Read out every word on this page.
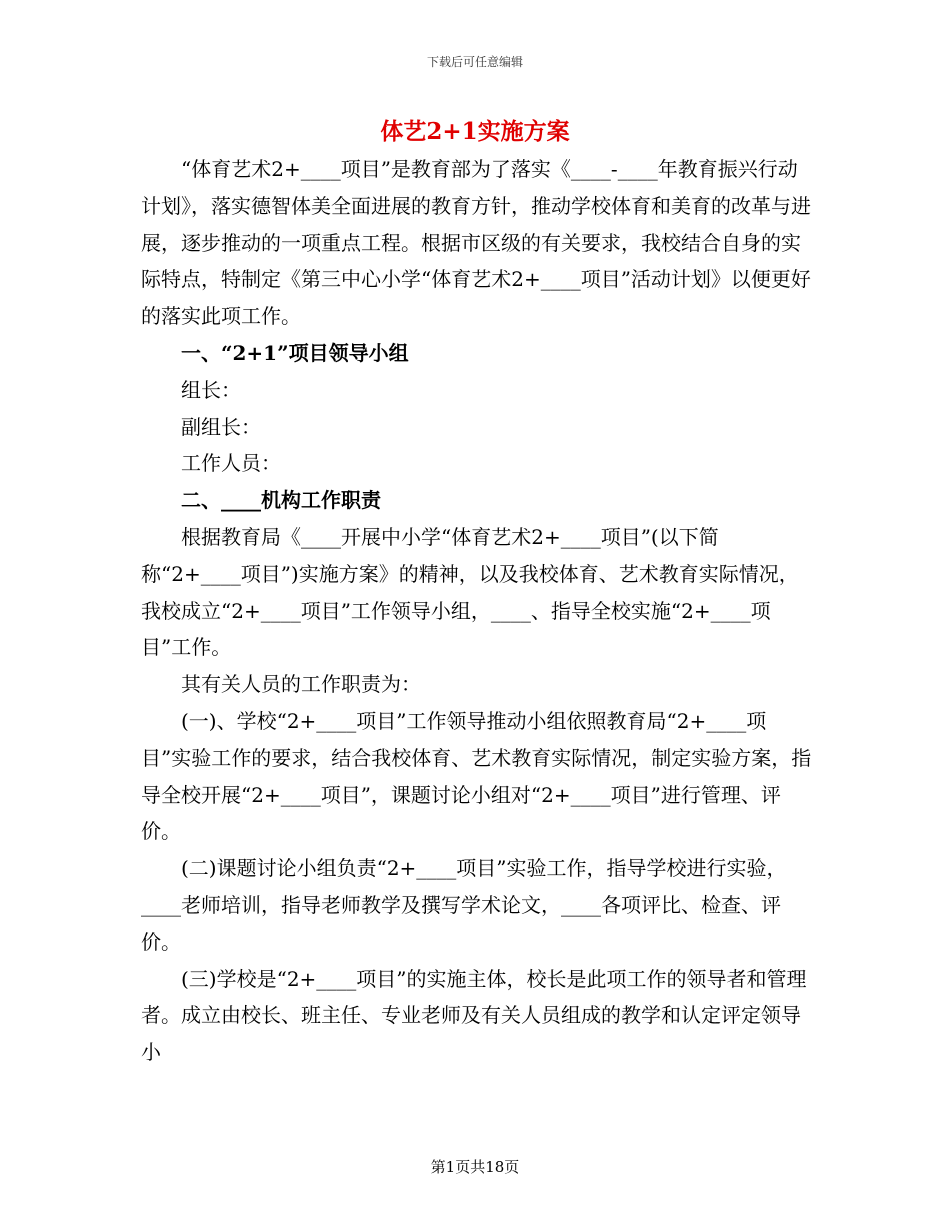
下载后可任意编辑
体艺2+1实施方案

“体育艺术2+____项目”是教育部为了落实《____-____年教育振兴行动计划》，落实德智体美全面进展的教育方针，推动学校体育和美育的改革与进展，逐步推动的一项重点工程。根据市区级的有关要求，我校结合自身的实际特点，特制定《第三中心小学“体育艺术2+____项目”活动计划》以便更好的落实此项工作。

一、“2+1”项目领导小组

组长：

副组长：

工作人员：

二、____机构工作职责

根据教育局《____开展中小学“体育艺术2+____项目”(以下简称“2+____项目”)实施方案》的精神，以及我校体育、艺术教育实际情况，我校成立“2+____项目”工作领导小组，____、指导全校实施“2+____项目”工作。

其有关人员的工作职责为：

(一)、学校“2+____项目”工作领导推动小组依照教育局“2+____项目”实验工作的要求，结合我校体育、艺术教育实际情况，制定实验方案，指导全校开展“2+____项目”，课题讨论小组对“2+____项目”进行管理、评价。

(二)课题讨论小组负责“2+____项目”实验工作，指导学校进行实验，____老师培训，指导老师教学及撰写学术论文，____各项评比、检查、评价。

(三)学校是“2+____项目”的实施主体，校长是此项工作的领导者和管理者。成立由校长、班主任、专业老师及有关人员组成的教学和认定评定领导小

第1页共18页
